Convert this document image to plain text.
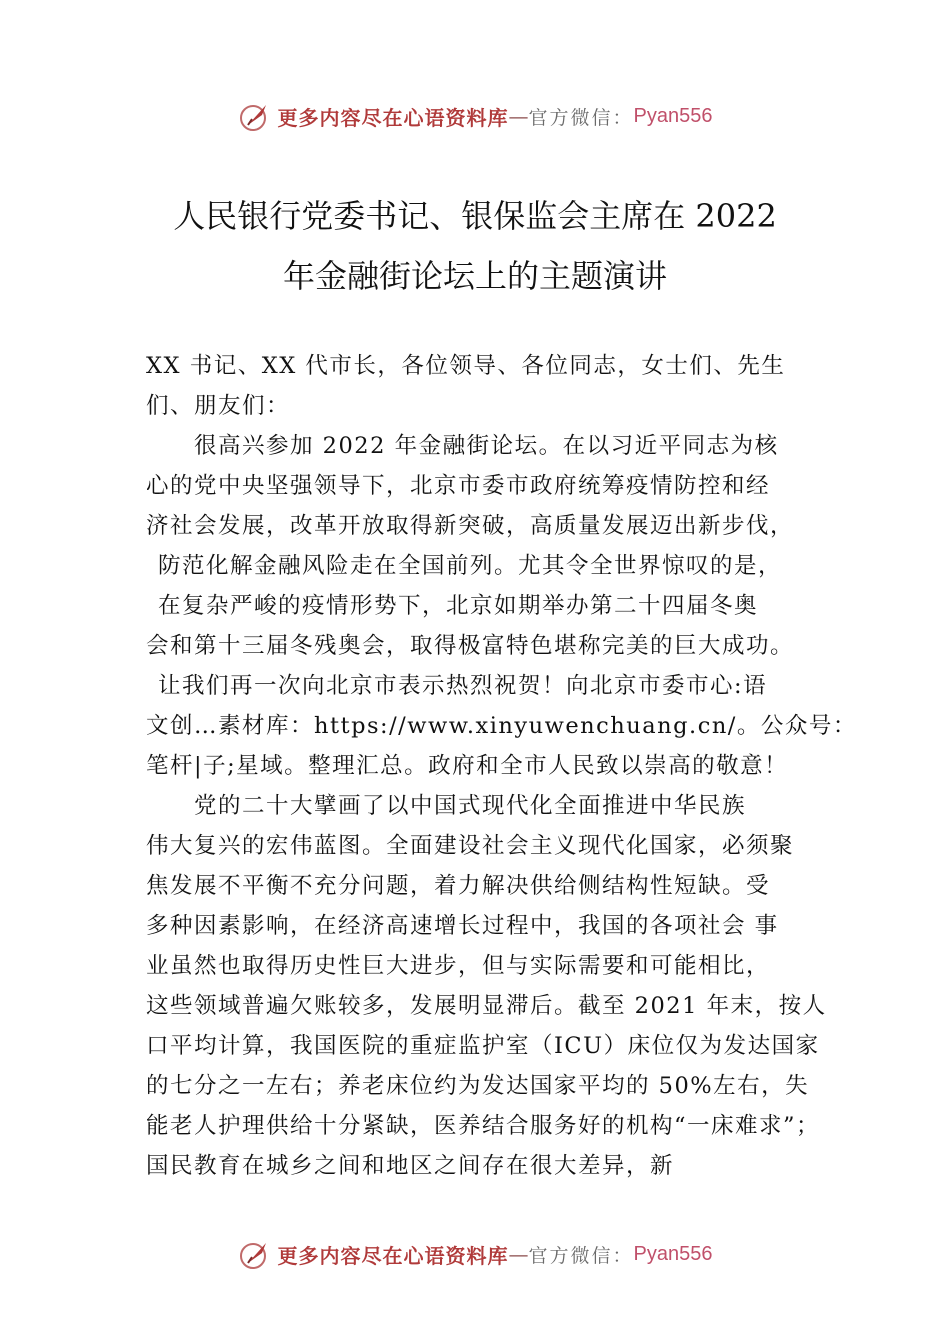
更多内容尽在心语资料库 — 官方微信： Pyan556
人民银行党委书记、银保监会主席在 2022
年金融街论坛上的主题演讲
XX 书记、XX 代市长，各位领导、各位同志，女士们、先生
们、朋友们：
很高兴参加 2022 年金融街论坛。在以习近平同志为核
心的党中央坚强领导下，北京市委市政府统筹疫情防控和经
济社会发展，改革开放取得新突破，高质量发展迈出新步伐，
防范化解金融风险走在全国前列。尤其令全世界惊叹的是，
在复杂严峻的疫情形势下，北京如期举办第二十四届冬奥
会和第十三届冬残奥会，取得极富特色堪称完美的巨大成功。
让我们再一次向北京市表示热烈祝贺！向北京市委市心:语
文创…素材库：https://www.xinyuwenchuang.cn/。公众号：
笔杆|子;星域。整理汇总。政府和全市人民致以崇高的敬意！
党的二十大擘画了以中国式现代化全面推进中华民族
伟大复兴的宏伟蓝图。全面建设社会主义现代化国家，必须聚
焦发展不平衡不充分问题，着力解决供给侧结构性短缺。受
多种因素影响，在经济高速增长过程中，我国的各项社会 事
业虽然也取得历史性巨大进步，但与实际需要和可能相比，
这些领域普遍欠账较多，发展明显滞后。截至 2021 年末，按人
口平均计算，我国医院的重症监护室（ICU）床位仅为发达国家
的七分之一左右；养老床位约为发达国家平均的 50%左右，失
能老人护理供给十分紧缺，医养结合服务好的机构“一床难求”；
国民教育在城乡之间和地区之间存在很大差异，新
更多内容尽在心语资料库 — 官方微信： Pyan556
